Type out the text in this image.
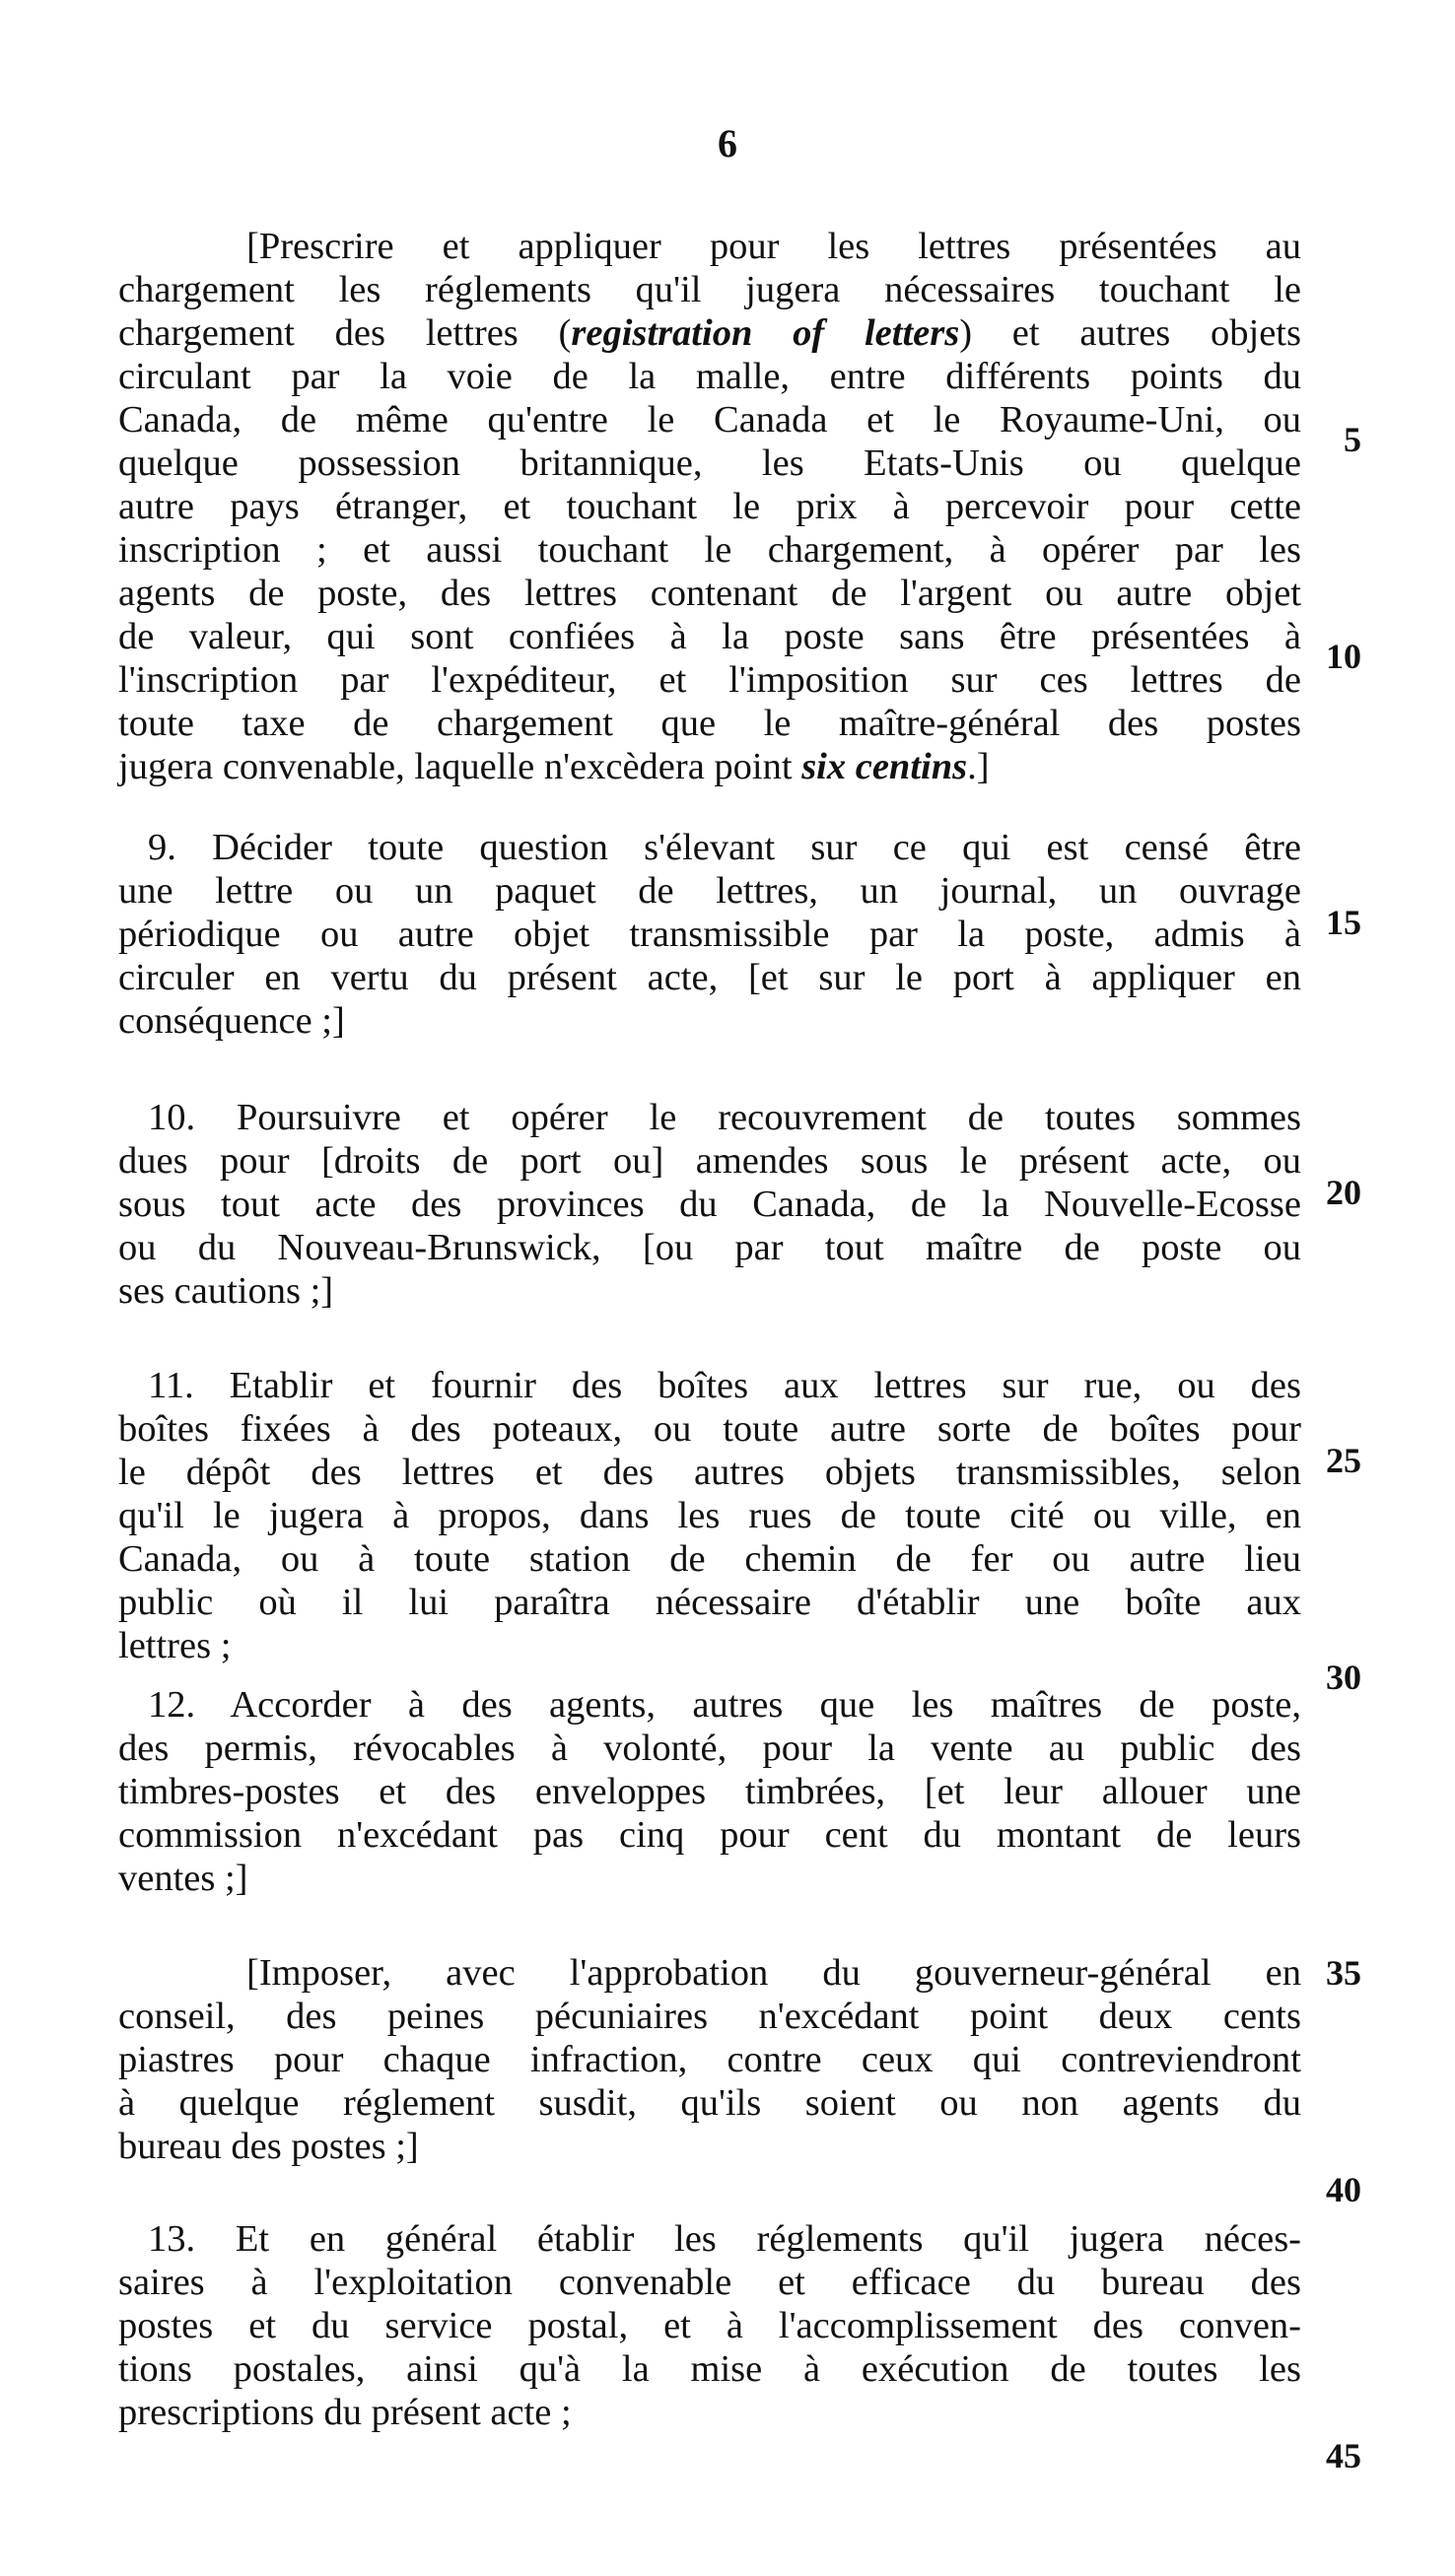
6
[Prescrire et appliquer pour les lettres présentées au
chargement les réglements qu'il jugera nécessaires touchant le
chargement des lettres (registration of letters) et autres objets
circulant par la voie de la malle, entre différents points du
Canada, de même qu'entre le Canada et le Royaume-Uni, ou
quelque possession britannique, les Etats-Unis ou quelque
autre pays étranger, et touchant le prix à percevoir pour cette
inscription ; et aussi touchant le chargement, à opérer par les
agents de poste, des lettres contenant de l'argent ou autre objet
de valeur, qui sont confiées à la poste sans être présentées à
l'inscription par l'expéditeur, et l'imposition sur ces lettres de
toute taxe de chargement que le maître-général des postes
jugera convenable, laquelle n'excèdera point six centins.]
9. Décider toute question s'élevant sur ce qui est censé être
une lettre ou un paquet de lettres, un journal, un ouvrage
périodique ou autre objet transmissible par la poste, admis à
circuler en vertu du présent acte, [et sur le port à appliquer en
conséquence ;]
10. Poursuivre et opérer le recouvrement de toutes sommes
dues pour [droits de port ou] amendes sous le présent acte, ou
sous tout acte des provinces du Canada, de la Nouvelle-Ecosse
ou du Nouveau-Brunswick, [ou par tout maître de poste ou
ses cautions ;]
11. Etablir et fournir des boîtes aux lettres sur rue, ou des
boîtes fixées à des poteaux, ou toute autre sorte de boîtes pour
le dépôt des lettres et des autres objets transmissibles, selon
qu'il le jugera à propos, dans les rues de toute cité ou ville, en
Canada, ou à toute station de chemin de fer ou autre lieu
public où il lui paraîtra nécessaire d'établir une boîte aux
lettres ;
12. Accorder à des agents, autres que les maîtres de poste,
des permis, révocables à volonté, pour la vente au public des
timbres-postes et des enveloppes timbrées, [et leur allouer une
commission n'excédant pas cinq pour cent du montant de leurs
ventes ;]
[Imposer, avec l'approbation du gouverneur-général en
conseil, des peines pécuniaires n'excédant point deux cents
piastres pour chaque infraction, contre ceux qui contreviendront
à quelque réglement susdit, qu'ils soient ou non agents du
bureau des postes ;]
13. Et en général établir les réglements qu'il jugera néces-
saires à l'exploitation convenable et efficace du bureau des
postes et du service postal, et à l'accomplissement des conven-
tions postales, ainsi qu'à la mise à exécution de toutes les
prescriptions du présent acte ;
5
10
15
20
25
30
35
40
45
